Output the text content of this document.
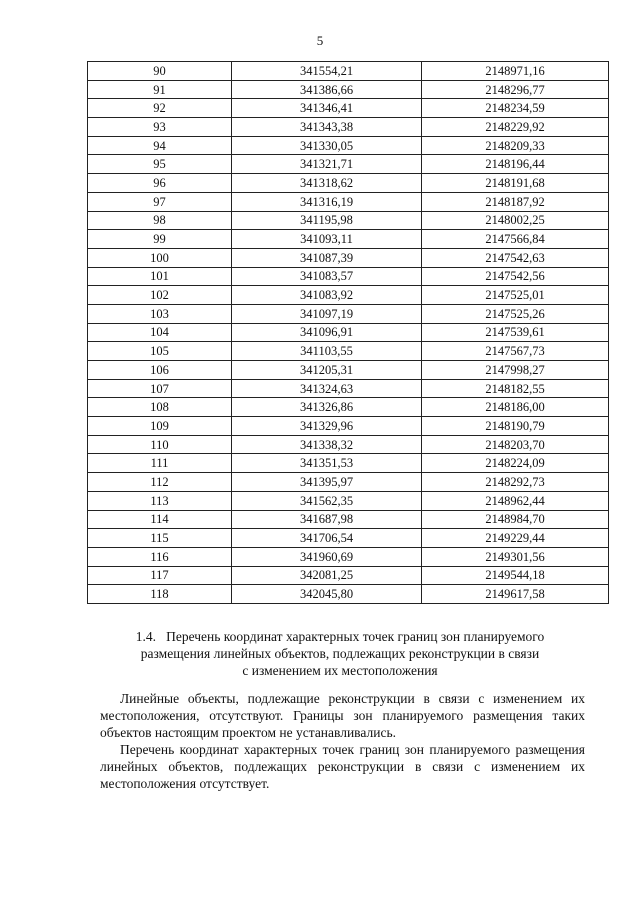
5
90	341554,21	2148971,16
91	341386,66	2148296,77
92	341346,41	2148234,59
93	341343,38	2148229,92
94	341330,05	2148209,33
95	341321,71	2148196,44
96	341318,62	2148191,68
97	341316,19	2148187,92
98	341195,98	2148002,25
99	341093,11	2147566,84
100	341087,39	2147542,63
101	341083,57	2147542,56
102	341083,92	2147525,01
103	341097,19	2147525,26
104	341096,91	2147539,61
105	341103,55	2147567,73
106	341205,31	2147998,27
107	341324,63	2148182,55
108	341326,86	2148186,00
109	341329,96	2148190,79
110	341338,32	2148203,70
111	341351,53	2148224,09
112	341395,97	2148292,73
113	341562,35	2148962,44
114	341687,98	2148984,70
115	341706,54	2149229,44
116	341960,69	2149301,56
117	342081,25	2149544,18
118	342045,80	2149617,58
1.4.   Перечень координат характерных точек границ зон планируемого
размещения линейных объектов, подлежащих реконструкции в связи
с изменением их местоположения

Линейные объекты, подлежащие реконструкции в связи с изменением их местоположения, отсутствуют. Границы зон планируемого размещения таких объектов настоящим проектом не устанавливались.

Перечень координат характерных точек границ зон планируемого размещения линейных объектов, подлежащих реконструкции в связи с изменением их местоположения отсутствует.
